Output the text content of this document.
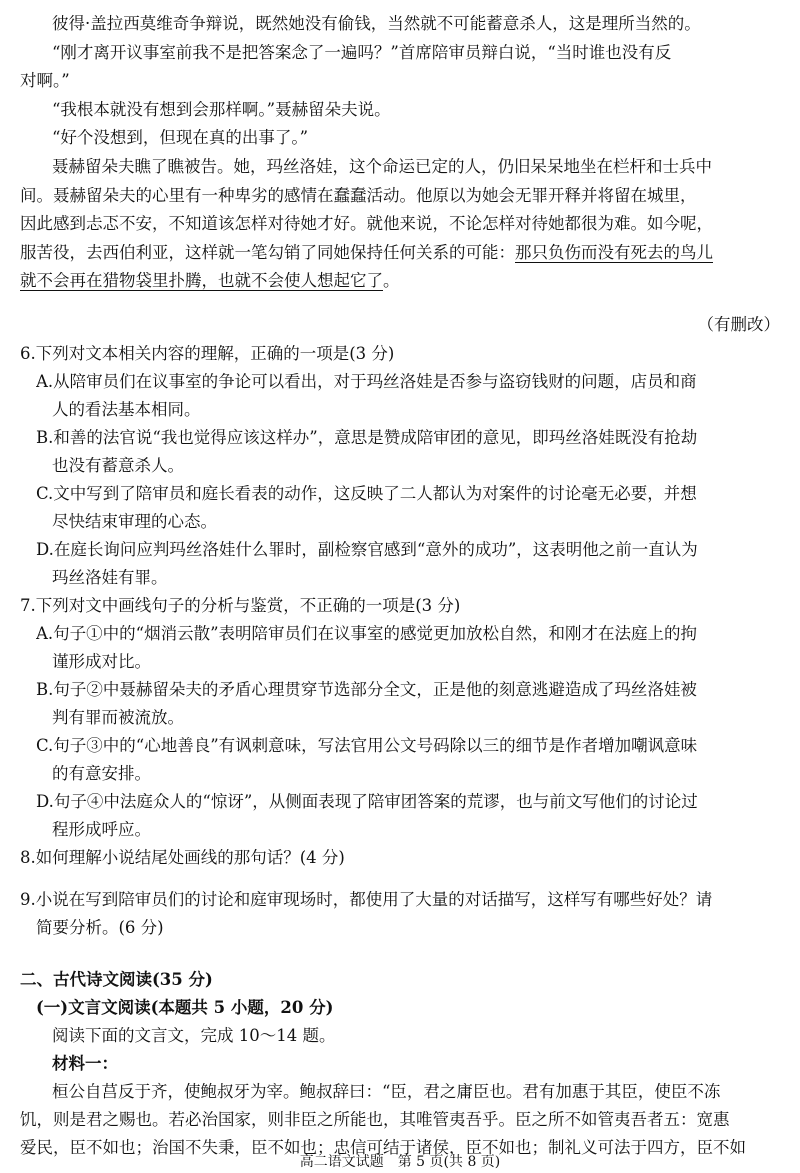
彼得·盖拉西莫维奇争辩说，既然她没有偷钱，当然就不可能蓄意杀人，这是理所当然的。
“刚才离开议事室前我不是把答案念了一遍吗？”首席陪审员辩白说，“当时谁也没有反
对啊。”
“我根本就没有想到会那样啊。”聂赫留朵夫说。
“好个没想到，但现在真的出事了。”
聂赫留朵夫瞧了瞧被告。她，玛丝洛娃，这个命运已定的人，仍旧呆呆地坐在栏杆和士兵中
间。聂赫留朵夫的心里有一种卑劣的感情在蠢蠢活动。他原以为她会无罪开释并将留在城里，
因此感到忐忑不安，不知道该怎样对待她才好。就他来说，不论怎样对待她都很为难。如今呢，
服苦役，去西伯利亚，这样就一笔勾销了同她保持任何关系的可能：那只负伤而没有死去的鸟儿
就不会再在猎物袋里扑腾，也就不会使人想起它了。
（有删改）
6.下列对文本相关内容的理解，正确的一项是(3 分)
A.从陪审员们在议事室的争论可以看出，对于玛丝洛娃是否参与盗窃钱财的问题，店员和商
人的看法基本相同。
B.和善的法官说“我也觉得应该这样办”，意思是赞成陪审团的意见，即玛丝洛娃既没有抢劫
也没有蓄意杀人。
C.文中写到了陪审员和庭长看表的动作，这反映了二人都认为对案件的讨论毫无必要，并想
尽快结束审理的心态。
D.在庭长询问应判玛丝洛娃什么罪时，副检察官感到“意外的成功”，这表明他之前一直认为
玛丝洛娃有罪。
7.下列对文中画线句子的分析与鉴赏，不正确的一项是(3 分)
A.句子①中的“烟消云散”表明陪审员们在议事室的感觉更加放松自然，和刚才在法庭上的拘
谨形成对比。
B.句子②中聂赫留朵夫的矛盾心理贯穿节选部分全文，正是他的刻意逃避造成了玛丝洛娃被
判有罪而被流放。
C.句子③中的“心地善良”有讽刺意味，写法官用公文号码除以三的细节是作者增加嘲讽意味
的有意安排。
D.句子④中法庭众人的“惊讶”，从侧面表现了陪审团答案的荒谬，也与前文写他们的讨论过
程形成呼应。
8.如何理解小说结尾处画线的那句话？(4 分)
9.小说在写到陪审员们的讨论和庭审现场时，都使用了大量的对话描写，这样写有哪些好处？请
简要分析。(6 分)
二、古代诗文阅读(35 分)
(一)文言文阅读(本题共 5 小题，20 分)
阅读下面的文言文，完成 10～14 题。
材料一：
桓公自莒反于齐，使鲍叔牙为宰。鲍叔辞曰：“臣，君之庸臣也。君有加惠于其臣，使臣不冻
饥，则是君之赐也。若必治国家，则非臣之所能也，其唯管夷吾乎。臣之所不如管夷吾者五：宽惠
爱民，臣不如也；治国不失秉，臣不如也；忠信可结于诸侯，臣不如也；制礼义可法于四方，臣不如
高二语文试题　第 5 页(共 8 页)
